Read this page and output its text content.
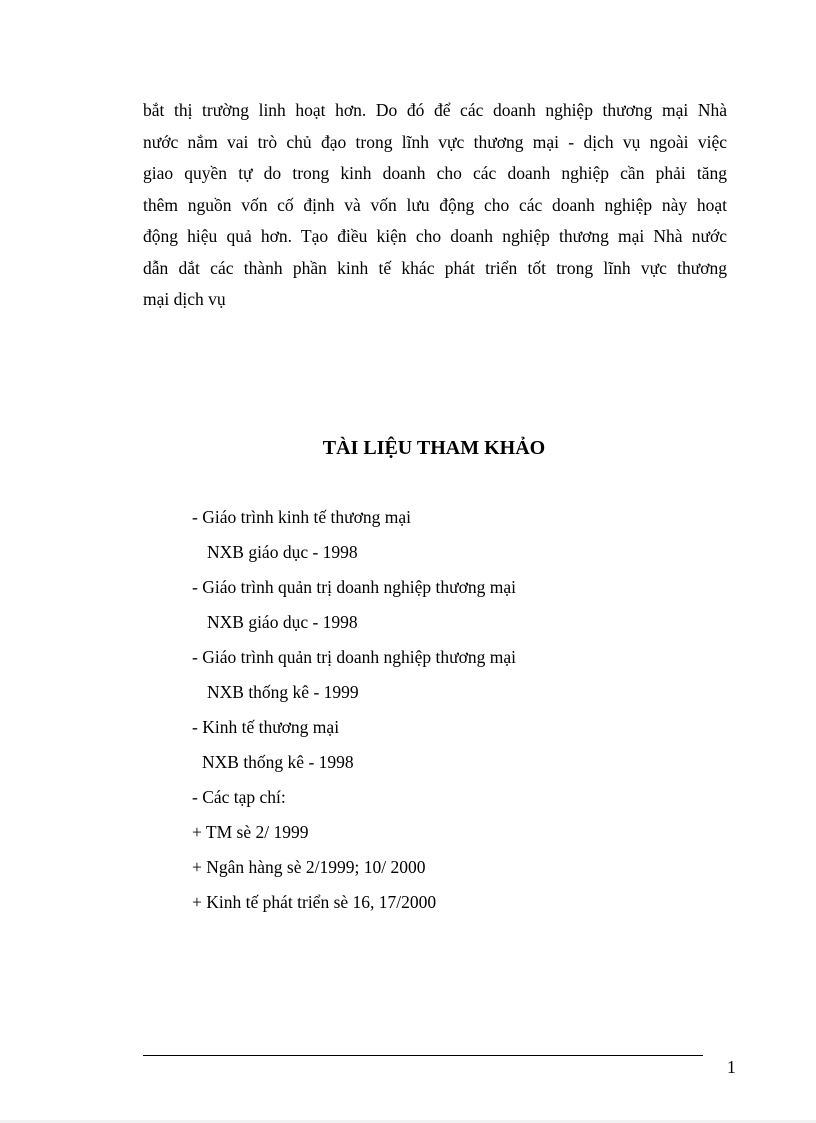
bắt thị trường linh hoạt hơn. Do đó để các doanh nghiệp thương mại Nhà
nước nắm vai trò chủ đạo trong lĩnh vực thương mại - dịch vụ ngoài việc
giao quyền tự do trong kinh doanh cho các doanh nghiệp cần phải tăng
thêm nguồn vốn cố định và vốn lưu động cho các doanh nghiệp này hoạt
động hiệu quả hơn. Tạo điều kiện cho doanh nghiệp thương mại Nhà nước
dẫn dắt các thành phần kinh tế khác phát triển tốt trong lĩnh vực thương
mại dịch vụ
TÀI LIỆU THAM KHẢO
- Giáo trình kinh tế thương mại
NXB giáo dục - 1998
- Giáo trình quản trị doanh nghiệp thương mại
NXB giáo dục - 1998
- Giáo trình quản trị doanh nghiệp thương mại
NXB thống kê - 1999
- Kinh tế thương mại
NXB thống kê - 1998
- Các tạp chí:
+ TM sè 2/ 1999
+ Ngân hàng sè 2/1999; 10/ 2000
+ Kinh tế phát triển sè 16, 17/2000
1
